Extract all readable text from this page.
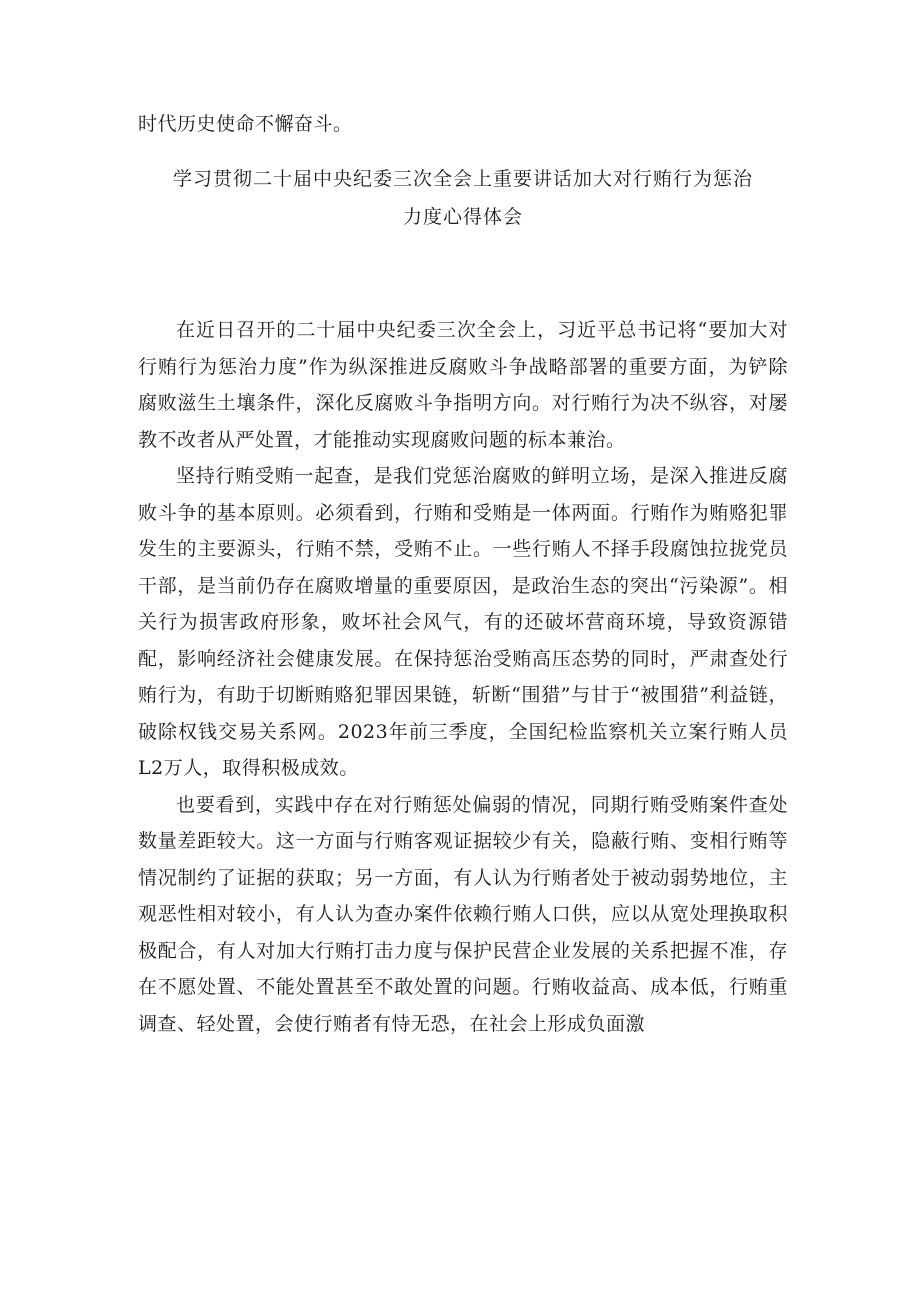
时代历史使命不懈奋斗。

学习贯彻二十届中央纪委三次全会上重要讲话加大对行贿行为惩治
力度心得体会

在近日召开的二十届中央纪委三次全会上，习近平总书记将“要加大对行贿行为惩治力度”作为纵深推进反腐败斗争战略部署的重要方面，为铲除腐败滋生土壤条件，深化反腐败斗争指明方向。对行贿行为决不纵容，对屡教不改者从严处置，才能推动实现腐败问题的标本兼治。

坚持行贿受贿一起查，是我们党惩治腐败的鲜明立场，是深入推进反腐败斗争的基本原则。必须看到，行贿和受贿是一体两面。行贿作为贿赂犯罪发生的主要源头，行贿不禁，受贿不止。一些行贿人不择手段腐蚀拉拢党员干部，是当前仍存在腐败增量的重要原因，是政治生态的突出“污染源”。相关行为损害政府形象，败坏社会风气，有的还破坏营商环境，导致资源错配，影响经济社会健康发展。在保持惩治受贿高压态势的同时，严肃查处行贿行为，有助于切断贿赂犯罪因果链，斩断“围猎”与甘于“被围猎”利益链，破除权钱交易关系网。2023年前三季度，全国纪检监察机关立案行贿人员L2万人，取得积极成效。

也要看到，实践中存在对行贿惩处偏弱的情况，同期行贿受贿案件查处数量差距较大。这一方面与行贿客观证据较少有关，隐蔽行贿、变相行贿等情况制约了证据的获取；另一方面，有人认为行贿者处于被动弱势地位，主观恶性相对较小，有人认为查办案件依赖行贿人口供，应以从宽处理换取积极配合，有人对加大行贿打击力度与保护民营企业发展的关系把握不准，存在不愿处置、不能处置甚至不敢处置的问题。行贿收益高、成本低，行贿重调查、轻处置，会使行贿者有恃无恐，在社会上形成负面激
